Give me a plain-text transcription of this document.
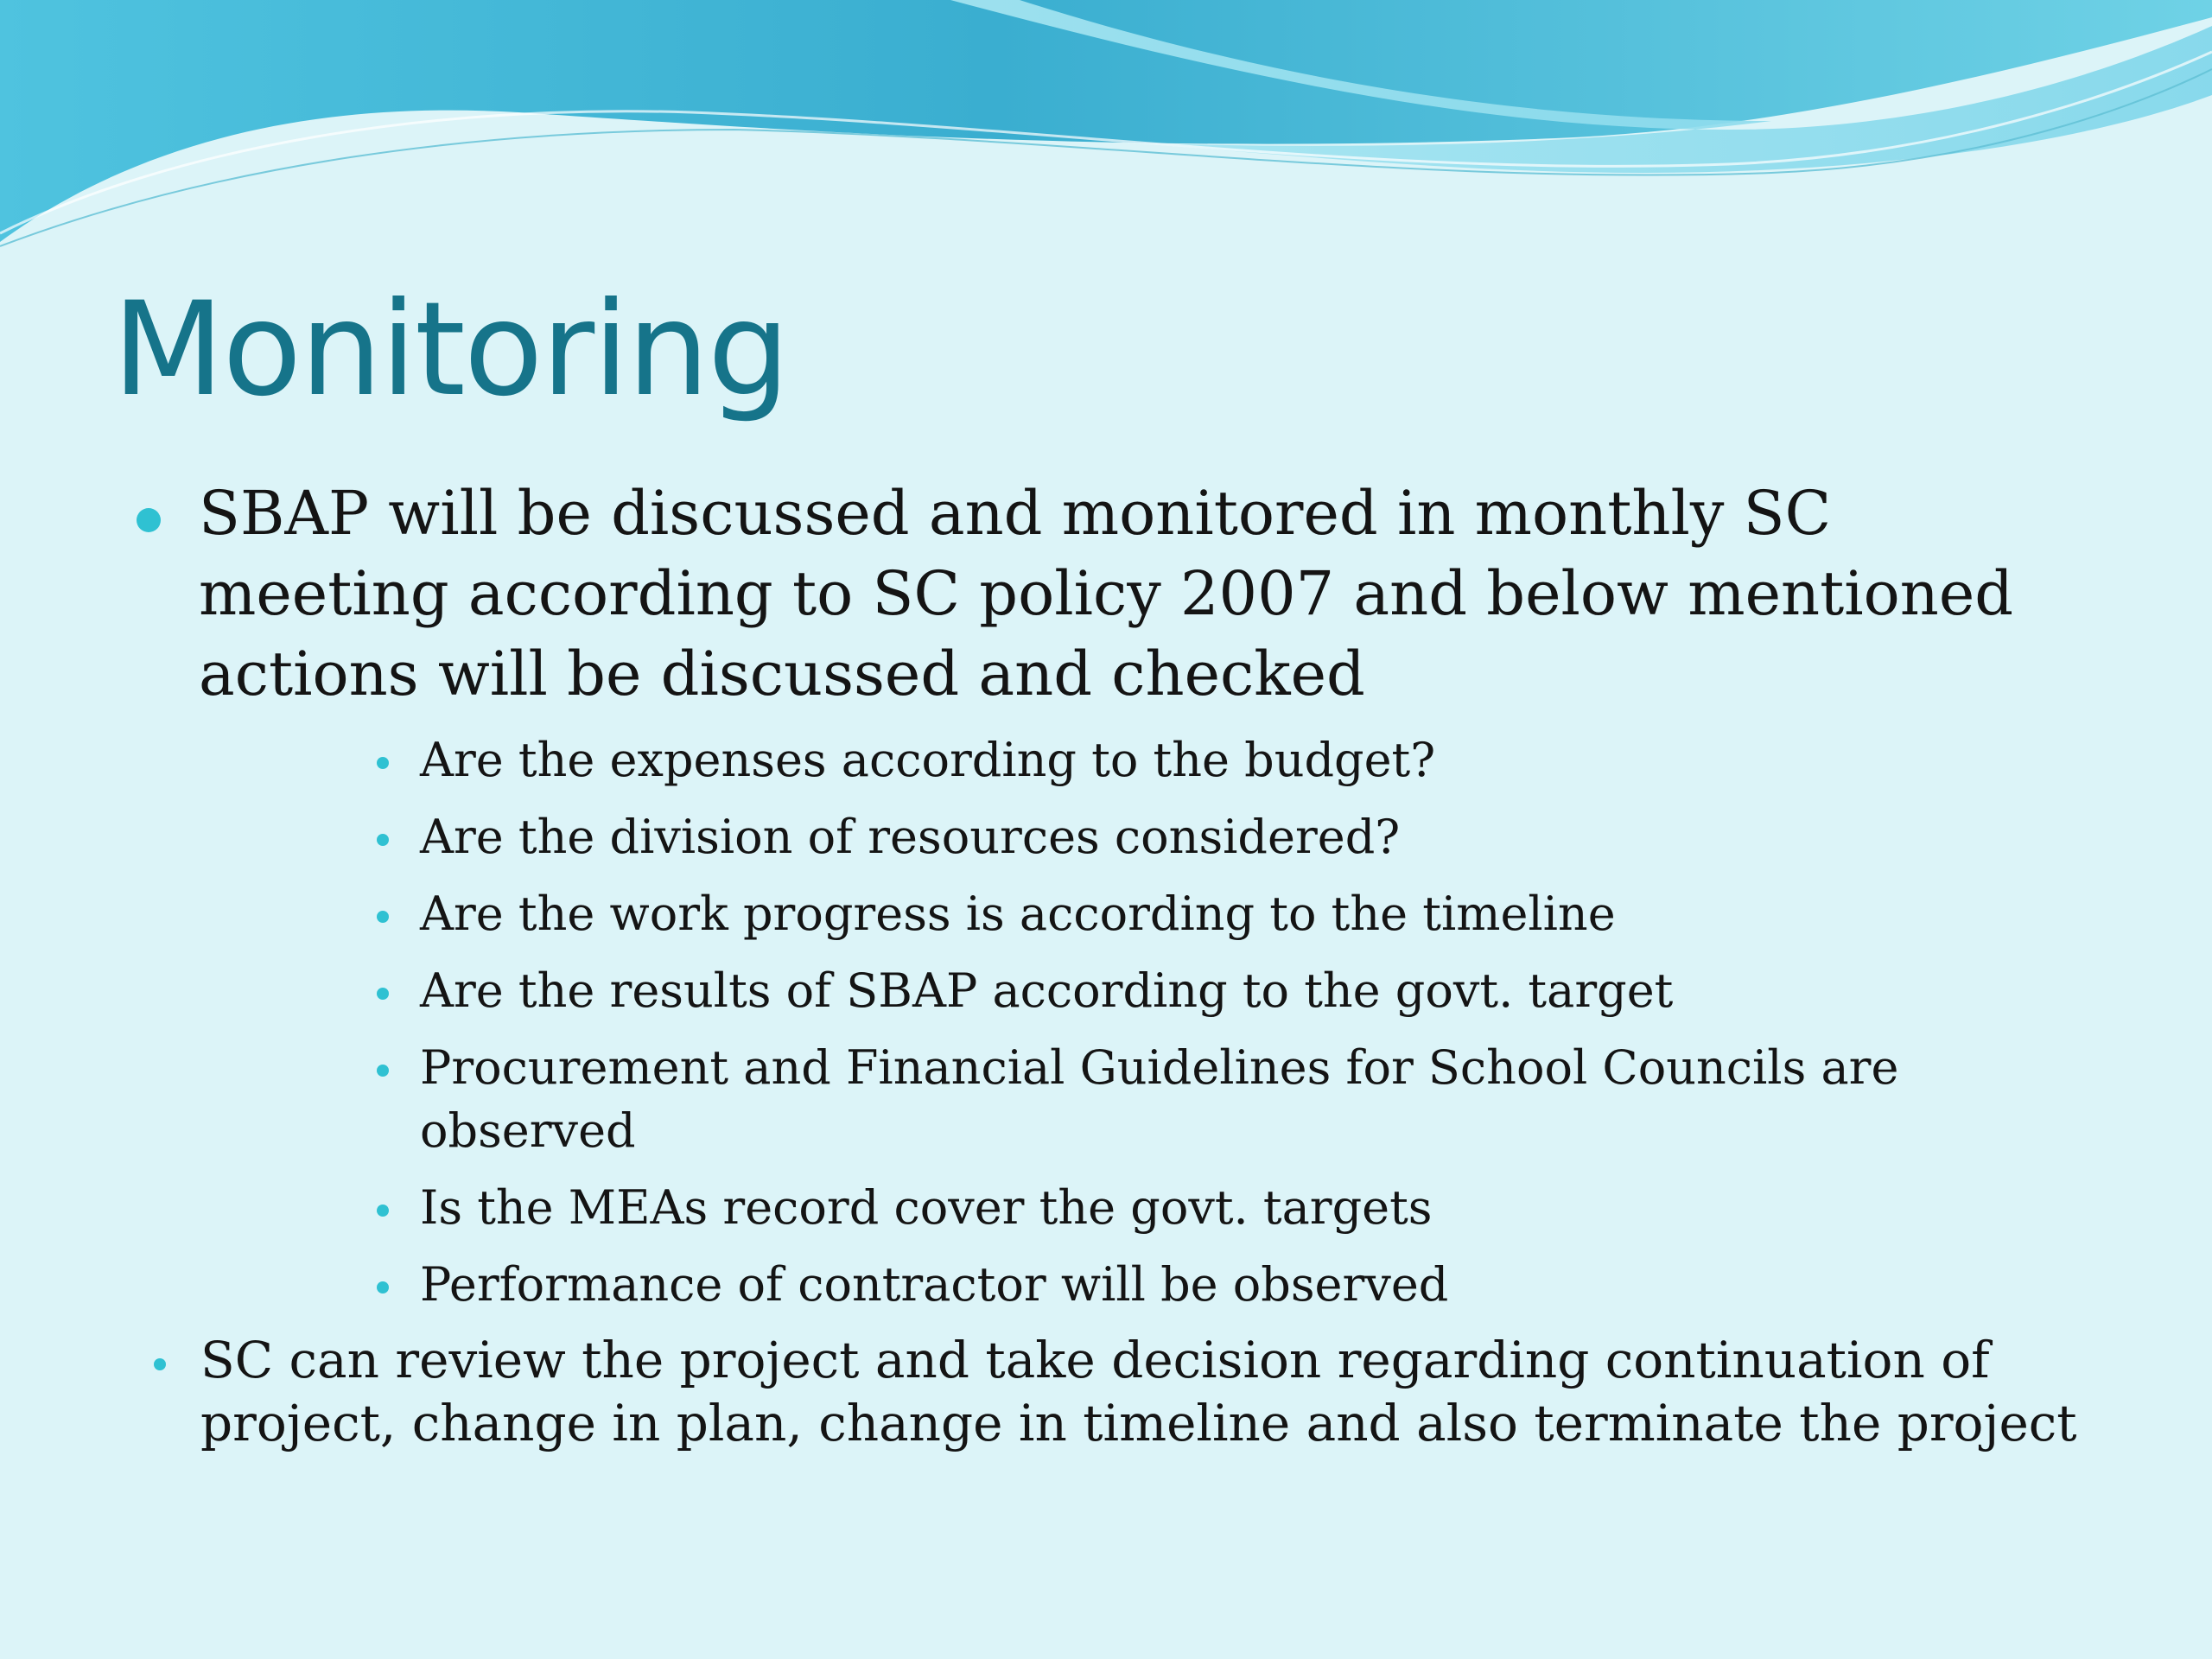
Monitoring
SBAP will be discussed and monitored in monthly SC meeting according to SC policy 2007 and below mentioned actions will be discussed and checked
Are the expenses according to the budget?
Are the division of resources considered?
Are the work progress is according to the timeline
Are the results of SBAP according to the govt. target
Procurement and Financial Guidelines for School Councils are observed
Is the MEAs record cover the govt. targets
Performance of contractor will be observed
SC can review the project and take decision regarding continuation of project, change in plan, change in timeline and also terminate the project
